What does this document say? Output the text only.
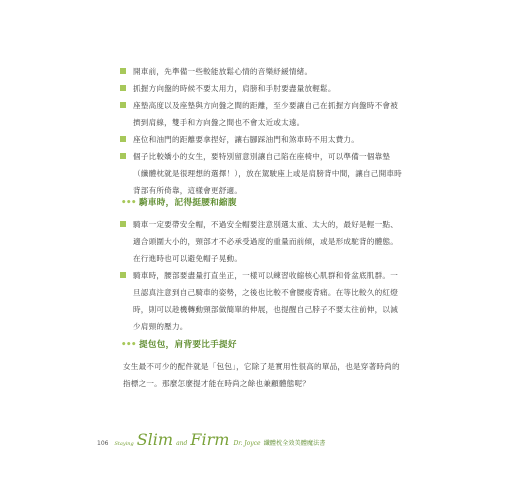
開車前，先準備一些較能放鬆心情的音樂紓緩情緒。
抓握方向盤的時候不要太用力，肩膀和手肘要盡量放輕鬆。
座墊高度以及座墊與方向盤之間的距離，至少要讓自己在抓握方向盤時不會被擠到肩線，雙手和方向盤之間也不會太近或太遠。
座位和油門的距離要拿捏好，讓右腳踩油門和煞車時不用太費力。
個子比較嬌小的女生，要特別留意別讓自己陷在座椅中，可以準備一個靠墊（纖體枕就是很理想的選擇！），放在駕駛座上或是肩膀背中間，讓自己開車時背部有所倚靠，這樣會更舒適。
••• 騎車時，記得挺腰和縮腹
騎車一定要帶安全帽，不過安全帽要注意別選太重、太大的，最好是輕一點、適合頭圍大小的，頸部才不必承受過度的重量而前傾，或是形成駝背的體態。在行進時也可以避免帽子晃動。
騎車時，腰部要盡量打直坐正，一樣可以練習收縮核心肌群和骨盆底肌群。一旦認真注意到自己騎車的姿勢，之後也比較不會腰痠背痛。在等比較久的紅燈時，則可以趁機轉動頸部做簡單的伸展，也提醒自己脖子不要太往前伸，以減少肩頸的壓力。
••• 提包包，肩背要比手提好
女生最不可少的配件就是「包包」，它除了是實用性很高的單品，也是穿著時尚的指標之一。那麼怎麼提才能在時尚之餘也兼顧體態呢？
106 Staying Slim and Firm Dr. Joyce 纖體枕全效美體魔法書
